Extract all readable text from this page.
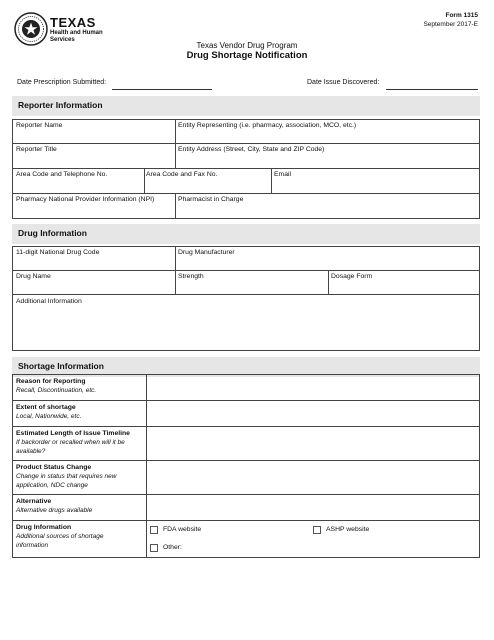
TEXAS
Health and Human Services
Form 1315
September 2017-E
Texas Vendor Drug Program
Drug Shortage Notification
Date Prescription Submitted:	Date Issue Discovered:
Reporter Information
Reporter Name	Entity Representing (i.e. pharmacy, association, MCO, etc.)
Reporter Title	Entity Address (Street, City, State and ZIP Code)
Area Code and Telephone No.	Area Code and Fax No.	Email
Pharmacy National Provider Information (NPI)	Pharmacist in Charge
Drug Information
11-digit National Drug Code	Drug Manufacturer
Drug Name	Strength	Dosage Form
Additional Information
Shortage Information
Reason for Reporting
Recall, Discontinuation, etc.
Extent of shortage
Local, Nationwide, etc.
Estimated Length of Issue Timeline
If backorder or recalled when will it be available?
Product Status Change
Change in status that requires new application, NDC change
Alternative
Alternative drugs available
Drug Information
Additional sources of shortage information
FDA website	ASHP website
Other:
